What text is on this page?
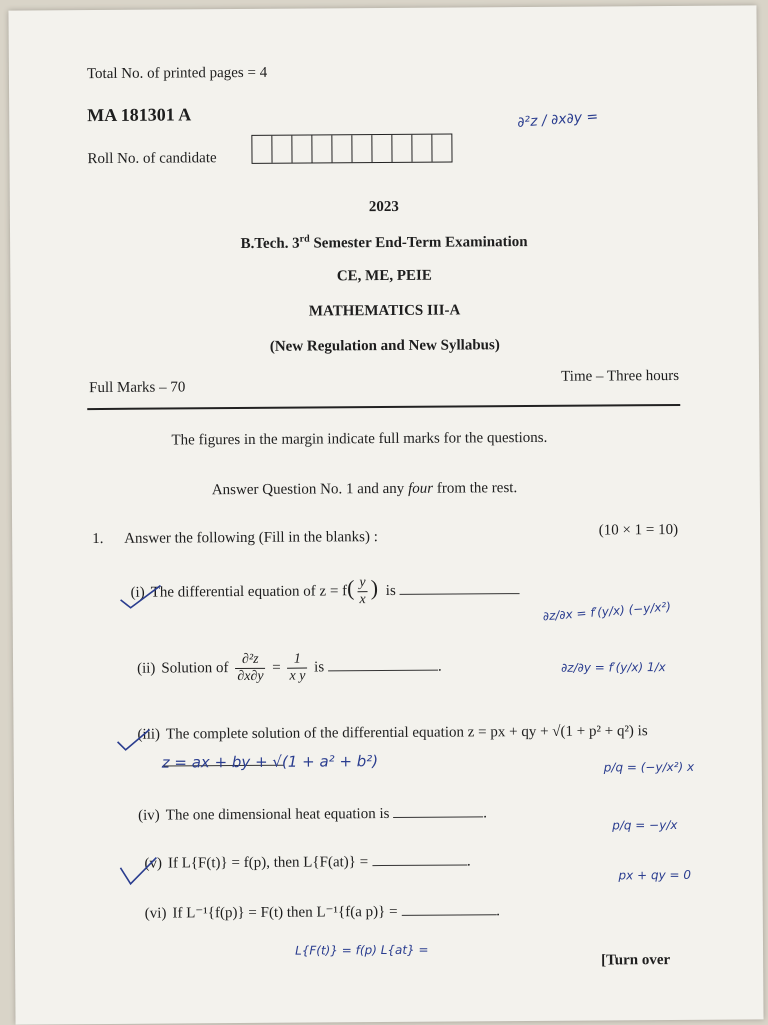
Total No. of printed pages = 4
MA 181301 A
Roll No. of candidate
2023
B.Tech. 3rd Semester End-Term Examination
CE, ME, PEIE
MATHEMATICS III-A
(New Regulation and New Syllabus)
Full Marks – 70
Time – Three hours
The figures in the margin indicate full marks for the questions.
Answer Question No. 1 and any four from the rest.
1. Answer the following (Fill in the blanks) :	(10 × 1 = 10)
(i) The differential equation of $z = f( \frac{y}{x}$ ) is
(ii) Solution of $\frac{\text{∂²z}}{\partial x\partial y} = \frac{1}{\text{x y}}$ is	.
(iii) The complete solution of the differential equation z = px + qy + √(1 + p² + q²) is
(iv) The one dimensional heat equation is	.
(v) If L{F(t)} = f(p), then L{F(at)} =	.
(vi) If L⁻¹{f(p)} = F(t) then L⁻¹{f(a p)} =	.
[Turn over
∂²z / ∂x∂y =
z = ax + by + √(1 + a² + b²)
∂z/∂x = f′(y/x) (−y/x²)
∂z/∂y = f′(y/x) 1/x
p/q = (−y/x²) x
p/q = −y/x
px + qy = 0
L{F(t)} = f(p) L{at} =
